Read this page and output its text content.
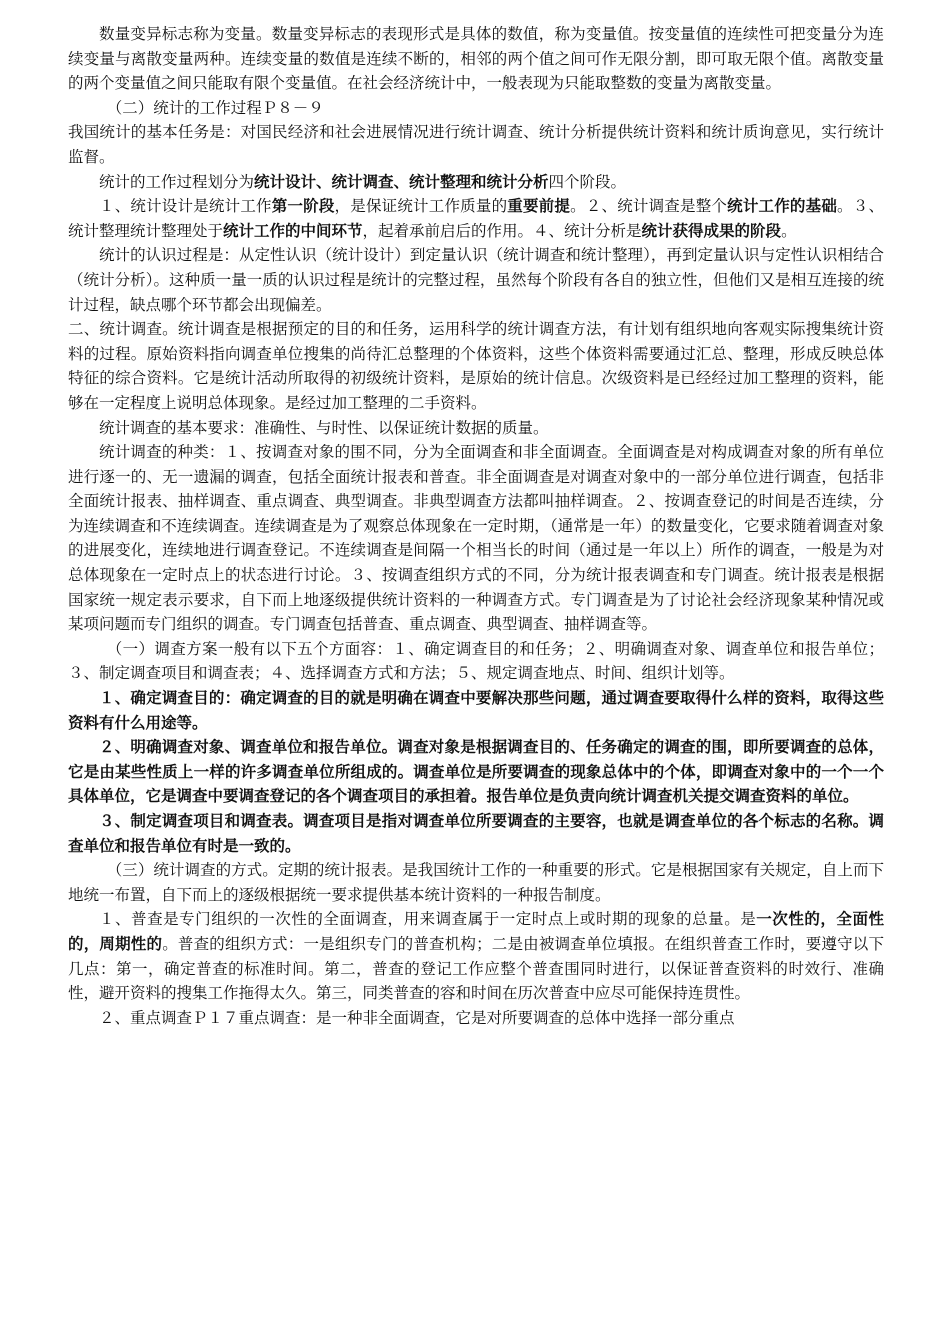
数量变异标志称为变量。数量变异标志的表现形式是具体的数值，称为变量值。按变量值的连续性可把变量分为连续变量与离散变量两种。连续变量的数值是连续不断的，相邻的两个值之间可作无限分割，即可取无限个值。离散变量的两个变量值之间只能取有限个变量值。在社会经济统计中，一般表现为只能取整数的变量为离散变量。

（二）统计的工作过程Ｐ８－９

我国统计的基本任务是：对国民经济和社会进展情况进行统计调查、统计分析提供统计资料和统计质询意见，实行统计监督。

统计的工作过程划分为统计设计、统计调查、统计整理和统计分析四个阶段。

１、统计设计是统计工作第一阶段，是保证统计工作质量的重要前提。２、统计调查是整个统计工作的基础。３、统计整理统计整理处于统计工作的中间环节，起着承前启后的作用。４、统计分析是统计获得成果的阶段。

统计的认识过程是：从定性认识（统计设计）到定量认识（统计调查和统计整理），再到定量认识与定性认识相结合（统计分析）。这种质一量一质的认识过程是统计的完整过程，虽然每个阶段有各自的独立性，但他们又是相互连接的统计过程，缺点哪个环节都会出现偏差。

二、统计调查。统计调查是根据预定的目的和任务，运用科学的统计调查方法，有计划有组织地向客观实际搜集统计资料的过程。原始资料指向调查单位搜集的尚待汇总整理的个体资料，这些个体资料需要通过汇总、整理，形成反映总体特征的综合资料。它是统计活动所取得的初级统计资料，是原始的统计信息。次级资料是已经经过加工整理的资料，能够在一定程度上说明总体现象。是经过加工整理的二手资料。

统计调查的基本要求：准确性、与时性、以保证统计数据的质量。

统计调查的种类：１、按调查对象的围不同，分为全面调查和非全面调查。全面调查是对构成调查对象的所有单位进行逐一的、无一遗漏的调查，包括全面统计报表和普查。非全面调查是对调查对象中的一部分单位进行调查，包括非全面统计报表、抽样调查、重点调查、典型调查。非典型调查方法都叫抽样调查。２、按调查登记的时间是否连续，分为连续调查和不连续调查。连续调查是为了观察总体现象在一定时期，（通常是一年）的数量变化，它要求随着调查对象的进展变化，连续地进行调查登记。不连续调查是间隔一个相当长的时间（通过是一年以上）所作的调查，一般是为对总体现象在一定时点上的状态进行讨论。３、按调查组织方式的不同，分为统计报表调查和专门调查。统计报表是根据国家统一规定表示要求，自下而上地逐级提供统计资料的一种调查方式。专门调查是为了讨论社会经济现象某种情况或某项问题而专门组织的调查。专门调查包括普查、重点调查、典型调查、抽样调查等。

（一）调查方案一般有以下五个方面容：１、确定调查目的和任务；２、明确调查对象、调查单位和报告单位；３、制定调查项目和调查表；４、选择调查方式和方法；５、规定调查地点、时间、组织计划等。

１、确定调查目的：确定调查的目的就是明确在调查中要解决那些问题，通过调查要取得什么样的资料，取得这些资料有什么用途等。

２、明确调查对象、调查单位和报告单位。调查对象是根据调查目的、任务确定的调查的围，即所要调查的总体，它是由某些性质上一样的许多调查单位所组成的。调查单位是所要调查的现象总体中的个体，即调查对象中的一个一个具体单位，它是调查中要调查登记的各个调查项目的承担着。报告单位是负责向统计调查机关提交调查资料的单位。

３、制定调查项目和调查表。调查项目是指对调查单位所要调查的主要容，也就是调查单位的各个标志的名称。调查单位和报告单位有时是一致的。

（三）统计调查的方式。定期的统计报表。是我国统计工作的一种重要的形式。它是根据国家有关规定，自上而下地统一布置，自下而上的逐级根据统一要求提供基本统计资料的一种报告制度。

１、普查是专门组织的一次性的全面调查，用来调查属于一定时点上或时期的现象的总量。是一次性的，全面性的，周期性的。普查的组织方式：一是组织专门的普查机构；二是由被调查单位填报。在组织普查工作时，要遵守以下几点：第一，确定普查的标准时间。第二，普查的登记工作应整个普查围同时进行，以保证普查资料的时效行、准确性，避开资料的搜集工作拖得太久。第三，同类普查的容和时间在历次普查中应尽可能保持连贯性。

２、重点调查Ｐ１７重点调查：是一种非全面调查，它是对所要调查的总体中选择一部分重点
